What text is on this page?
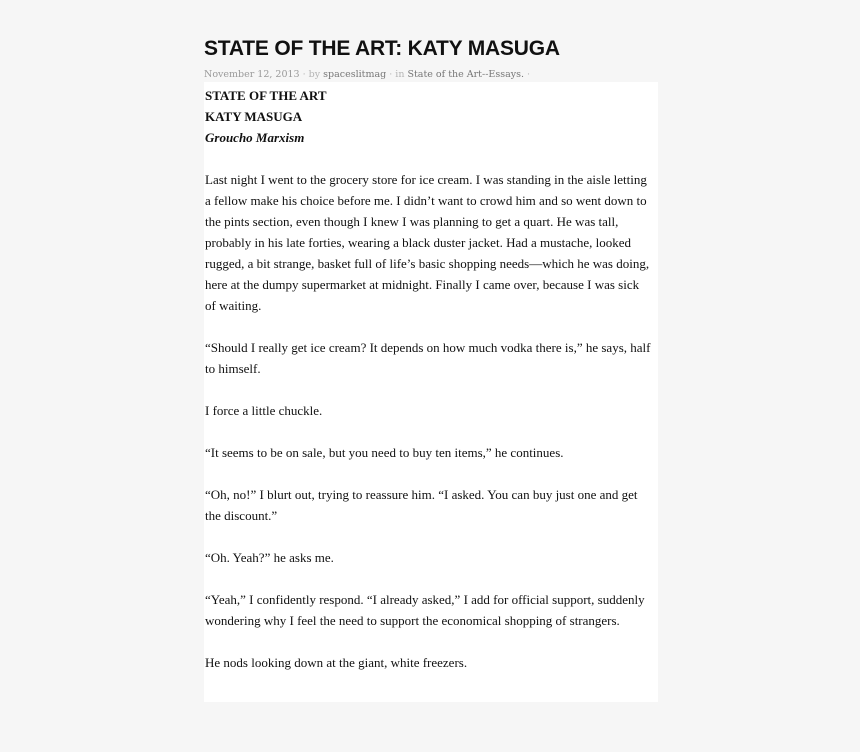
STATE OF THE ART: KATY MASUGA
November 12, 2013 · by spaceslitmag · in State of the Art--Essays. ·

STATE OF THE ART

KATY MASUGA

Groucho Marxism

Last night I went to the grocery store for ice cream. I was standing in the aisle letting a fellow make his choice before me. I didn’t want to crowd him and so went down to the pints section, even though I knew I was planning to get a quart. He was tall, probably in his late forties, wearing a black duster jacket. Had a mustache, looked rugged, a bit strange, basket full of life’s basic shopping needs—which he was doing, here at the dumpy supermarket at midnight. Finally I came over, because I was sick of waiting.

“Should I really get ice cream? It depends on how much vodka there is,” he says, half to himself.

I force a little chuckle.

“It seems to be on sale, but you need to buy ten items,” he continues.

“Oh, no!” I blurt out, trying to reassure him. “I asked. You can buy just one and get the discount.”

“Oh. Yeah?” he asks me.

“Yeah,” I confidently respond. “I already asked,” I add for official support, suddenly wondering why I feel the need to support the economical shopping of strangers.

He nods looking down at the giant, white freezers.
